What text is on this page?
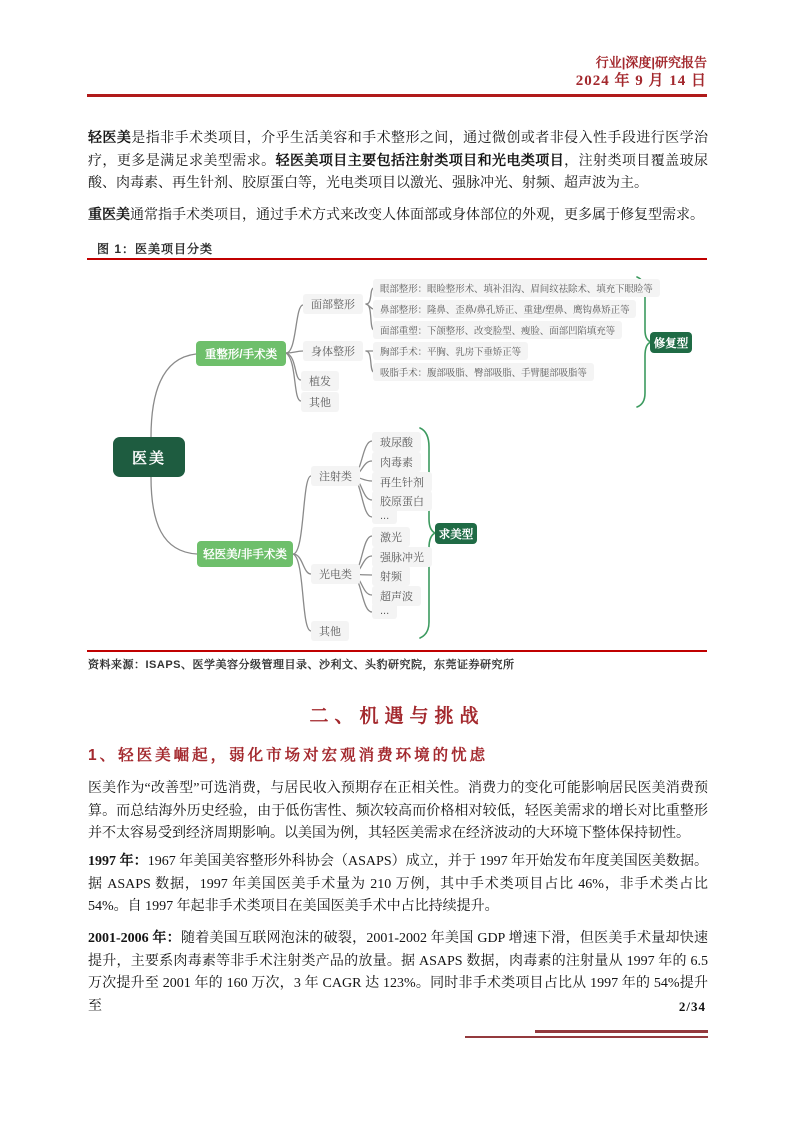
行业|深度|研究报告
2024 年 9 月 14 日
轻医美是指非手术类项目，介乎生活美容和手术整形之间，通过微创或者非侵入性手段进行医学治疗，更多是满足求美型需求。轻医美项目主要包括注射类项目和光电类项目，注射类项目覆盖玻尿酸、肉毒素、再生针剂、胶原蛋白等，光电类项目以激光、强脉冲光、射频、超声波为主。
重医美通常指手术类项目，通过手术方式来改变人体面部或身体部位的外观，更多属于修复型需求。
图 1：医美项目分类
医美
重整形/手术类
轻医美/非手术类
面部整形
身体整形
植发
其他
眼部整形：眼睑整形术、填补泪沟、眉间纹祛除术、填充下眼睑等
鼻部整形：隆鼻、歪鼻/鼻孔矫正、重建/塑鼻、鹰钩鼻矫正等
面部重塑：下颌整形、改变脸型、瘦脸、面部凹陷填充等
胸部手术：平胸、乳房下垂矫正等
吸脂手术：腹部吸脂、臀部吸脂、手臂腿部吸脂等
注射类
光电类
其他
玻尿酸
肉毒素
再生针剂
胶原蛋白
...
激光
强脉冲光
射频
超声波
...
修复型
求美型
资料来源：ISAPS、医学美容分级管理目录、沙利文、头豹研究院，东莞证券研究所
二、机遇与挑战
1、轻医美崛起，弱化市场对宏观消费环境的忧虑
医美作为“改善型”可选消费，与居民收入预期存在正相关性。消费力的变化可能影响居民医美消费预算。而总结海外历史经验，由于低伤害性、频次较高而价格相对较低，轻医美需求的增长对比重整形并不太容易受到经济周期影响。以美国为例，其轻医美需求在经济波动的大环境下整体保持韧性。
1997 年：1967 年美国美容整形外科协会（ASAPS）成立，并于 1997 年开始发布年度美国医美数据。据 ASAPS 数据，1997 年美国医美手术量为 210 万例，其中手术类项目占比 46%，非手术类占比 54%。自 1997 年起非手术类项目在美国医美手术中占比持续提升。
2001-2006 年：随着美国互联网泡沫的破裂，2001-2002 年美国 GDP 增速下滑，但医美手术量却快速提升，主要系肉毒素等非手术注射类产品的放量。据 ASAPS 数据，肉毒素的注射量从 1997 年的 6.5 万次提升至 2001 年的 160 万次，3 年 CAGR 达 123%。同时非手术类项目占比从 1997 年的 54%提升至	2/34
